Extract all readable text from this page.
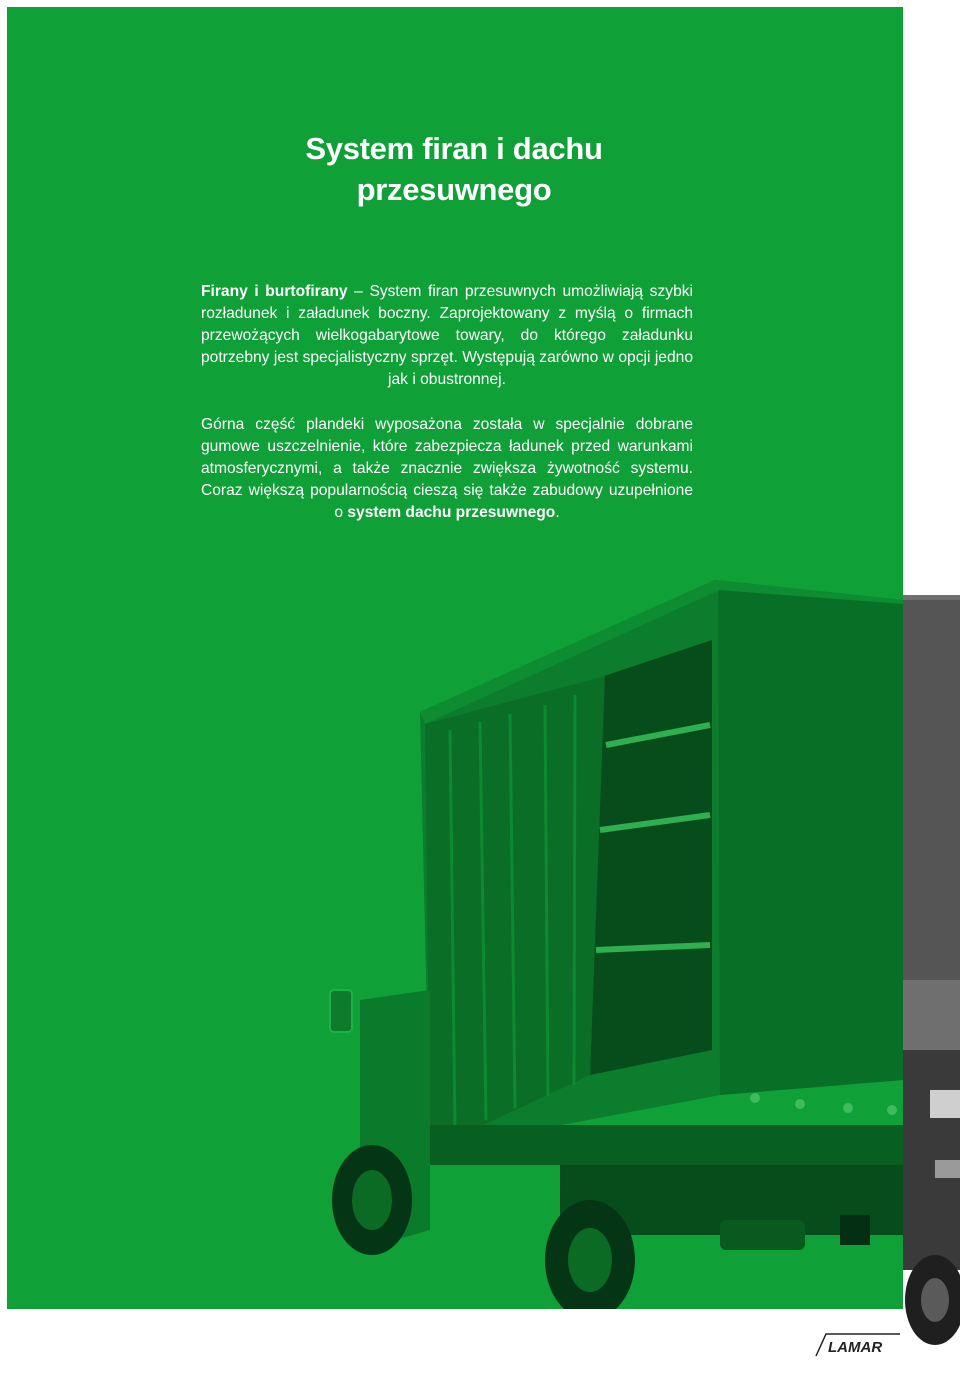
System firan i dachu
przesuwnego

Firany i burtofirany – System firan przesuwnych umożliwiają szybki rozładunek i załadunek boczny. Zaprojektowany z myślą o firmach przewożących wielkogabarytowe towary, do którego załadunku potrzebny jest specjalistyczny sprzęt. Występują zarówno w opcji jedno jak i obustronnej.

Górna część plandeki wyposażona została w specjalnie dobrane gumowe uszczelnienie, które zabezpiecza ładunek przed warunkami atmosferycznymi, a także znacznie zwiększa żywotność systemu. Coraz większą popularnością cieszą się także zabudowy uzupełnione o system dachu przesuwnego.

LAMAR
